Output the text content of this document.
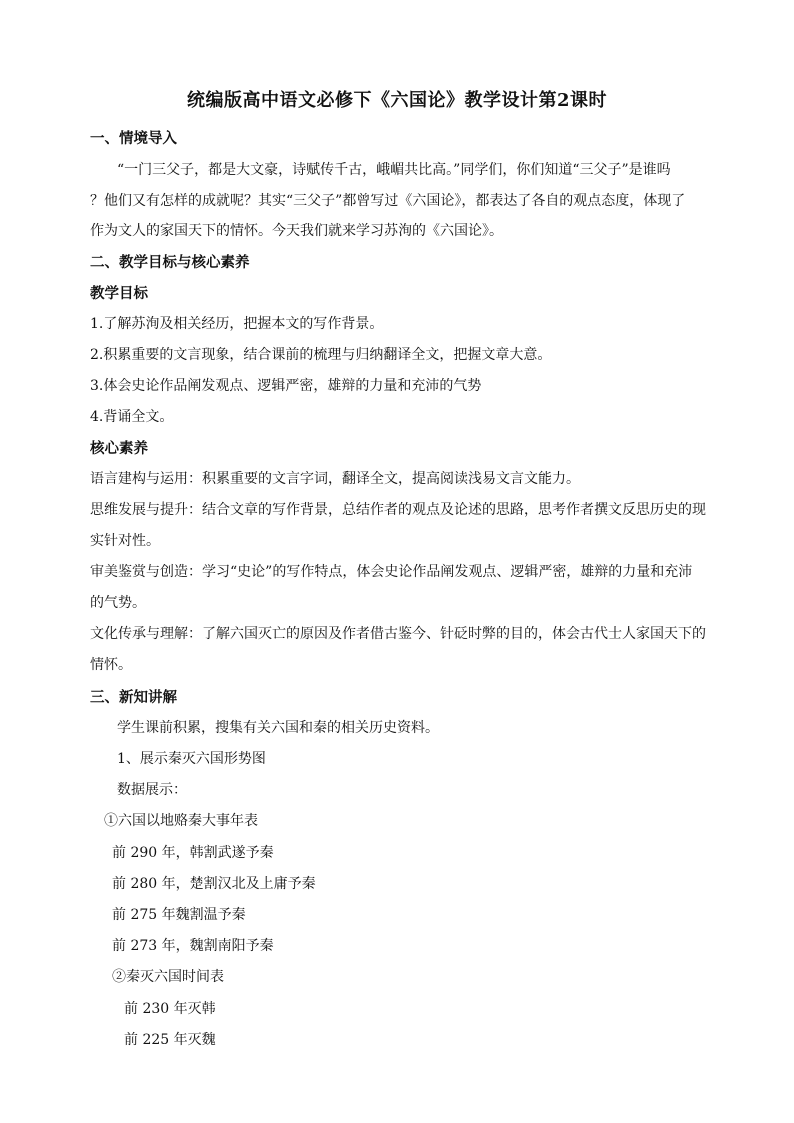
统编版高中语文必修下《六国论》教学设计第2课时
一、情境导入
“一门三父子，都是大文豪，诗赋传千古，峨嵋共比高。”同学们，你们知道“三父子”是谁吗
？他们又有怎样的成就呢？其实“三父子”都曾写过《六国论》，都表达了各自的观点态度，体现了
作为文人的家国天下的情怀。今天我们就来学习苏洵的《六国论》。
二、教学目标与核心素养
教学目标
1.了解苏洵及相关经历，把握本文的写作背景。
2.积累重要的文言现象，结合课前的梳理与归纳翻译全文，把握文章大意。
3.体会史论作品阐发观点、逻辑严密，雄辩的力量和充沛的气势
4.背诵全文。
核心素养
语言建构与运用：积累重要的文言字词，翻译全文，提高阅读浅易文言文能力。
思维发展与提升：结合文章的写作背景，总结作者的观点及论述的思路，思考作者撰文反思历史的现
实针对性。
审美鉴赏与创造：学习“史论”的写作特点，体会史论作品阐发观点、逻辑严密，雄辩的力量和充沛
的气势。
文化传承与理解：了解六国灭亡的原因及作者借古鉴今、针砭时弊的目的，体会古代士人家国天下的
情怀。
三、新知讲解
学生课前积累，搜集有关六国和秦的相关历史资料。
1、展示秦灭六国形势图
数据展示：
①六国以地赂秦大事年表
前 290 年，韩割武遂予秦
前 280 年，楚割汉北及上庸予秦
前 275 年魏割温予秦
前 273 年，魏割南阳予秦
②秦灭六国时间表
前 230 年灭韩
前 225 年灭魏
